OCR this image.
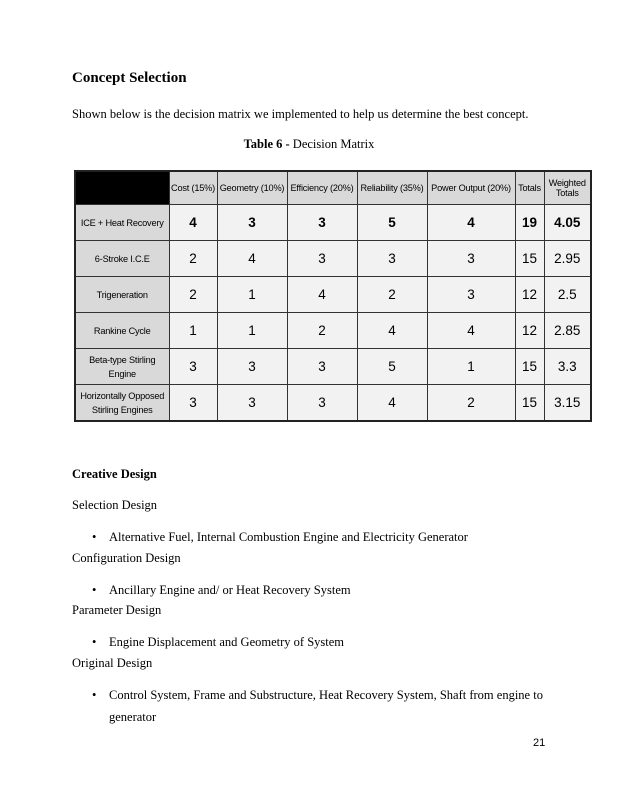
Concept Selection

Shown below is the decision matrix we implemented to help us determine the best concept.

Table 6 - Decision Matrix

	Cost (15%)	Geometry (10%)	Efficiency (20%)	Reliability (35%)	Power Output (20%)	Totals	Weighted Totals
ICE + Heat Recovery	4	3	3	5	4	19	4.05
6-Stroke I.C.E	2	4	3	3	3	15	2.95
Trigeneration	2	1	4	2	3	12	2.5
Rankine Cycle	1	1	2	4	4	12	2.85
Beta-type Stirling Engine	3	3	3	5	1	15	3.3
Horizontally Opposed Stirling Engines	3	3	3	4	2	15	3.15
Creative Design

Selection Design

• Alternative Fuel, Internal Combustion Engine and Electricity Generator

Configuration Design

• Ancillary Engine and/ or Heat Recovery System

Parameter Design

• Engine Displacement and Geometry of System

Original Design

• Control System, Frame and Substructure, Heat Recovery System, Shaft from engine to generator
21
